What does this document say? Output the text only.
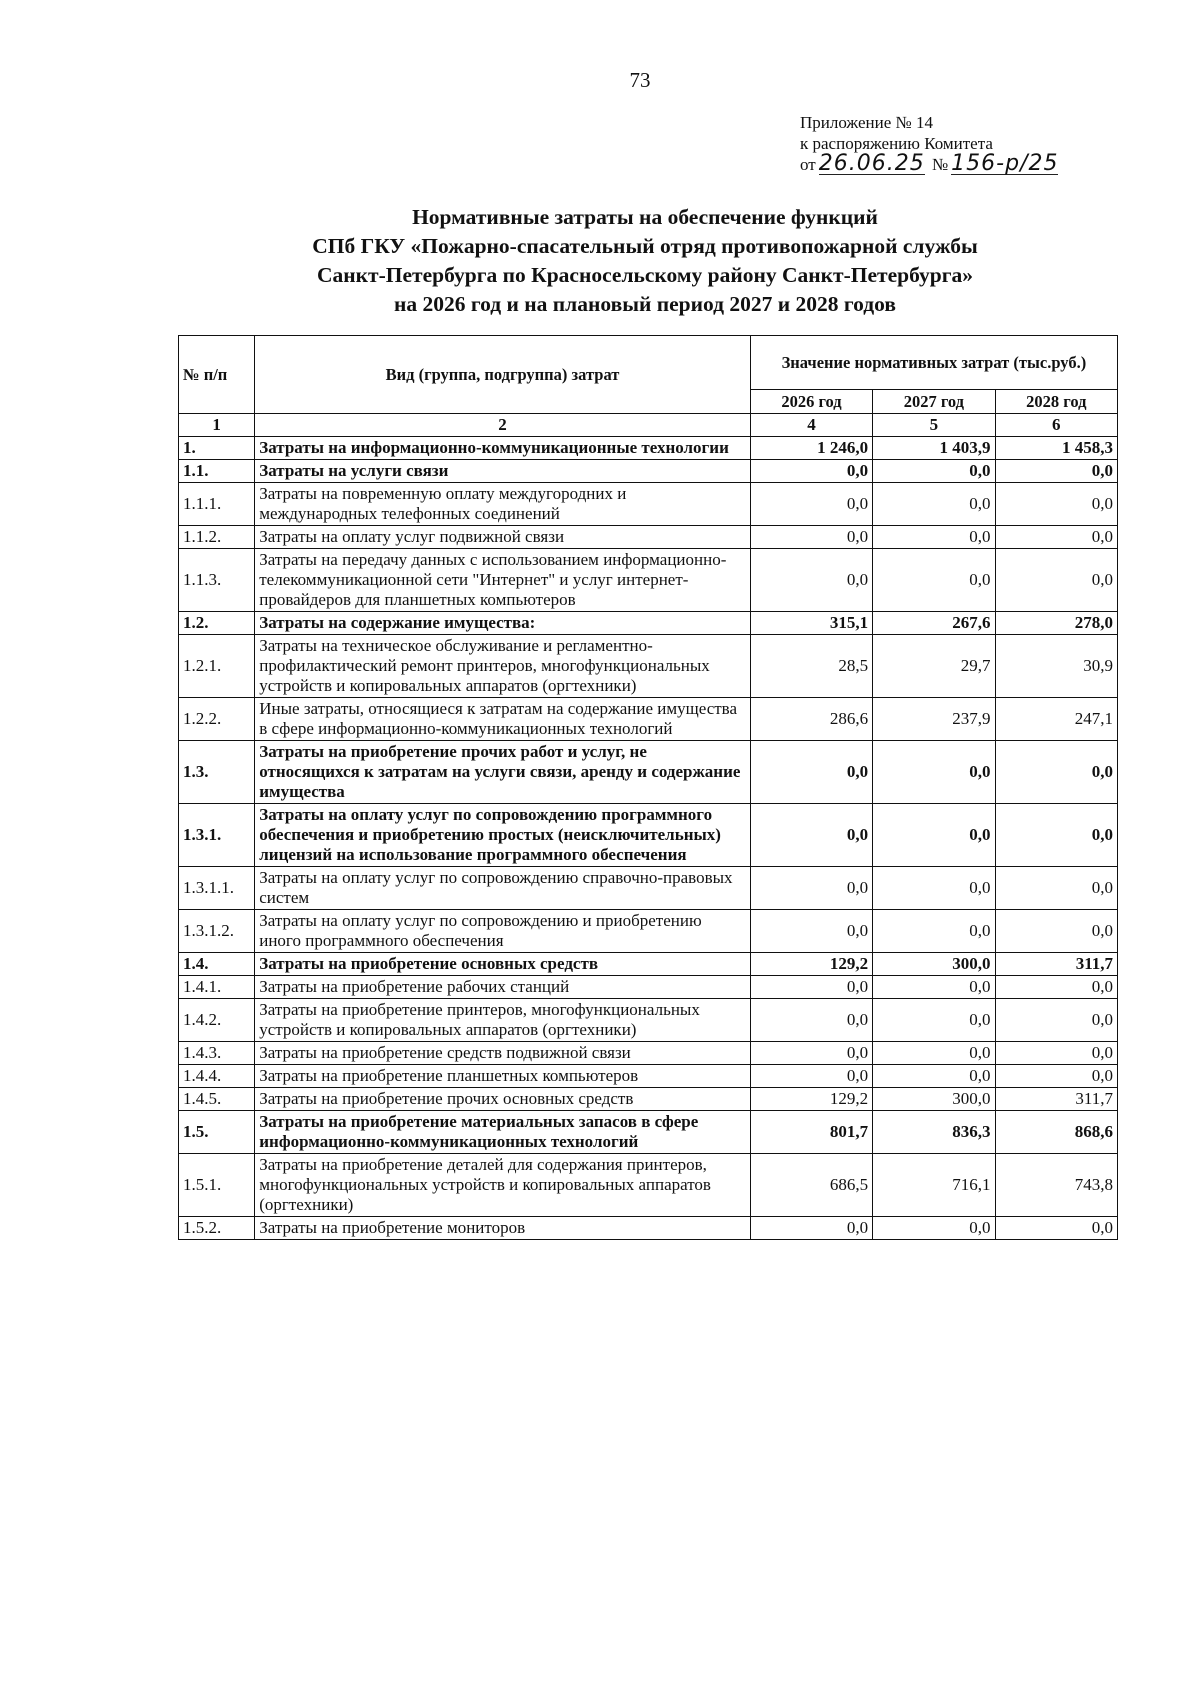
73
Приложение № 14
к распоряжению Комитета
от 26.06.25 № 156-р/25
Нормативные затраты на обеспечение функций
СПб ГКУ «Пожарно-спасательный отряд противопожарной службы
Санкт-Петербурга по Красносельскому району Санкт-Петербурга»
на 2026 год и на плановый период 2027 и 2028 годов
№ п/п	Вид (группа, подгруппа) затрат	Значение нормативных затрат (тыс.руб.)		
		2026 год	2027 год	2028 год
1	2	4	5	6
1.	Затраты на информационно-коммуникационные технологии	1 246,0	1 403,9	1 458,3
1.1.	Затраты на услуги связи	0,0	0,0	0,0
1.1.1.	Затраты на повременную оплату междугородних и международных телефонных соединений	0,0	0,0	0,0
1.1.2.	Затраты на оплату услуг подвижной связи	0,0	0,0	0,0
1.1.3.	Затраты на передачу данных с использованием информационно-телекоммуникационной сети "Интернет" и услуг интернет-провайдеров для планшетных компьютеров	0,0	0,0	0,0
1.2.	Затраты на содержание имущества:	315,1	267,6	278,0
1.2.1.	Затраты на техническое обслуживание и регламентно-профилактический ремонт принтеров, многофункциональных устройств и копировальных аппаратов (оргтехники)	28,5	29,7	30,9
1.2.2.	Иные затраты, относящиеся к затратам на содержание имущества в сфере информационно-коммуникационных технологий	286,6	237,9	247,1
1.3.	Затраты на приобретение прочих работ и услуг, не относящихся к затратам на услуги связи, аренду и содержание имущества	0,0	0,0	0,0
1.3.1.	Затраты на оплату услуг по сопровождению программного обеспечения и приобретению простых (неисключительных) лицензий на использование программного обеспечения	0,0	0,0	0,0
1.3.1.1.	Затраты на оплату услуг по сопровождению справочно-правовых систем	0,0	0,0	0,0
1.3.1.2.	Затраты на оплату услуг по сопровождению и приобретению иного программного обеспечения	0,0	0,0	0,0
1.4.	Затраты на приобретение основных средств	129,2	300,0	311,7
1.4.1.	Затраты на приобретение рабочих станций	0,0	0,0	0,0
1.4.2.	Затраты на приобретение принтеров, многофункциональных устройств и копировальных аппаратов (оргтехники)	0,0	0,0	0,0
1.4.3.	Затраты на приобретение средств подвижной связи	0,0	0,0	0,0
1.4.4.	Затраты на приобретение планшетных компьютеров	0,0	0,0	0,0
1.4.5.	Затраты на приобретение прочих основных средств	129,2	300,0	311,7
1.5.	Затраты на приобретение материальных запасов в сфере информационно-коммуникационных технологий	801,7	836,3	868,6
1.5.1.	Затраты на приобретение деталей для содержания принтеров, многофункциональных устройств и копировальных аппаратов (оргтехники)	686,5	716,1	743,8
1.5.2.	Затраты на приобретение мониторов	0,0	0,0	0,0
